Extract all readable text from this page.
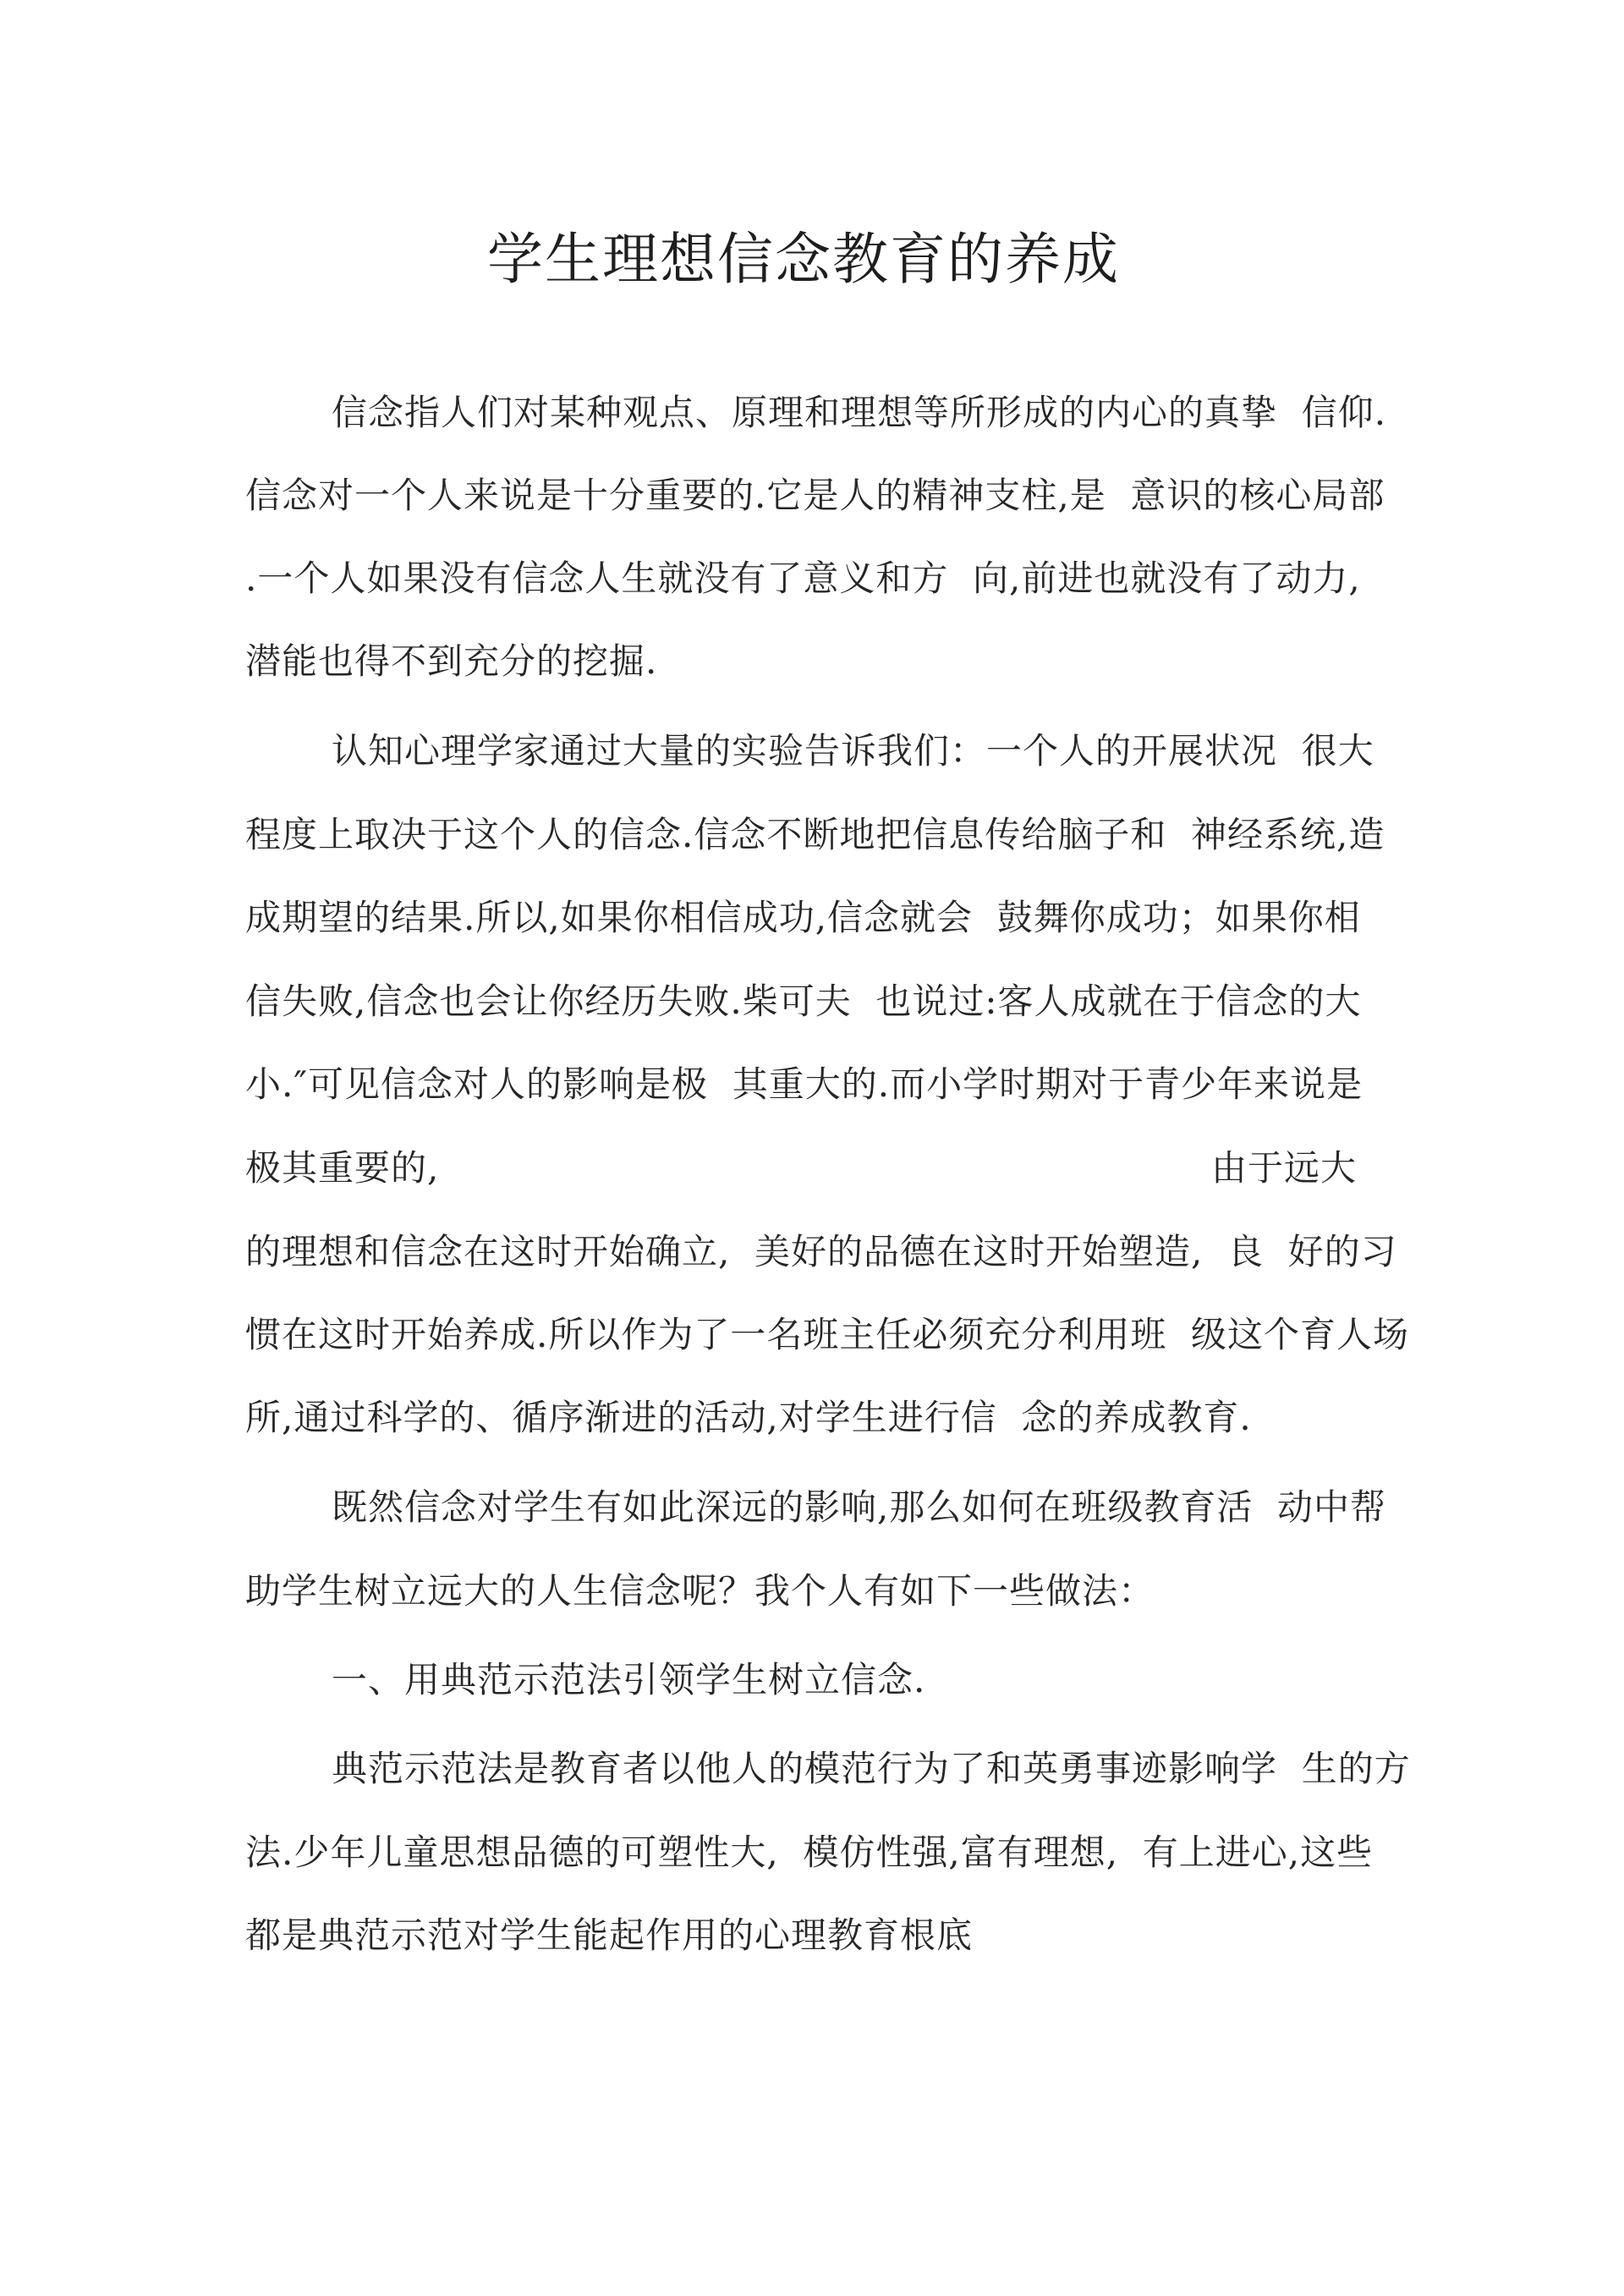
学生理想信念教育的养成
信念指人们对某种观点、原理和理想等所形成的内心的真挚  信仰.
信念对一个人来说是十分重要的.它是人的精神支柱,是  意识的核心局部
.一个人如果没有信念人生就没有了意义和方  向,前进也就没有了动力,
潜能也得不到充分的挖掘.
认知心理学家通过大量的实验告诉我们：一个人的开展状况  很大
程度上取决于这个人的信念.信念不断地把信息传给脑子和  神经系统,造
成期望的结果.所以,如果你相信成功,信念就会  鼓舞你成功；如果你相
信失败,信念也会让你经历失败.柴可夫  也说过:客人成就在于信念的大
小.″可见信念对人的影响是极  其重大的.而小学时期对于青少年来说是
极其重要的,	由于远大
的理想和信念在这时开始确立,  美好的品德在这时开始塑造,  良  好的习
惯在这时开始养成.所以作为了一名班主任必须充分利用班  级这个育人场
所,通过科学的、循序渐进的活动,对学生进行信  念的养成教育.
既然信念对学生有如此深远的影响,那么如何在班级教育活  动中帮
助学生树立远大的人生信念呢？我个人有如下一些做法：
一、用典范示范法引领学生树立信念.
典范示范法是教育者以他人的模范行为了和英勇事迹影响学  生的方
法.少年儿童思想品德的可塑性大,  模仿性强,富有理想,  有上进心,这些
都是典范示范对学生能起作用的心理教育根底
